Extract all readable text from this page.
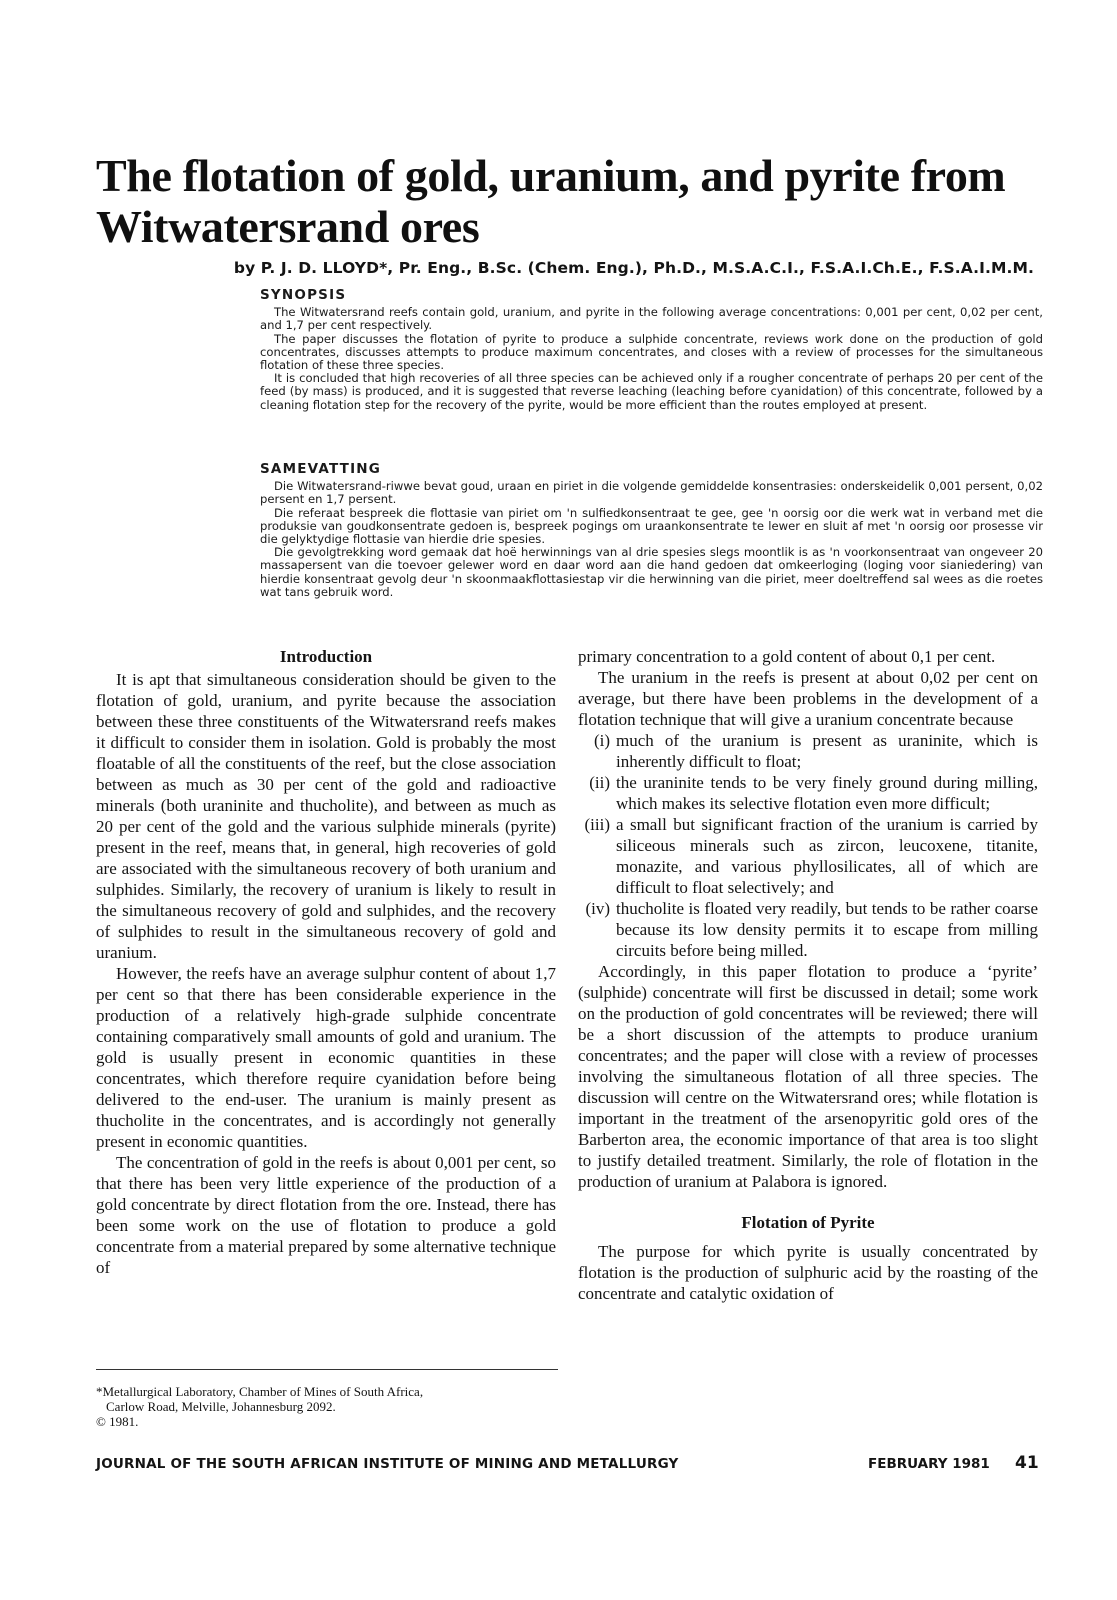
The flotation of gold, uranium, and pyrite from Witwatersrand ores
by P. J. D. LLOYD*, Pr. Eng., B.Sc. (Chem. Eng.), Ph.D., M.S.A.C.I., F.S.A.I.Ch.E., F.S.A.I.M.M.
SYNOPSIS

The Witwatersrand reefs contain gold, uranium, and pyrite in the following average concentrations: 0,001 per cent, 0,02 per cent, and 1,7 per cent respectively.

The paper discusses the flotation of pyrite to produce a sulphide concentrate, reviews work done on the production of gold concentrates, discusses attempts to produce maximum concentrates, and closes with a review of processes for the simultaneous flotation of these three species.

It is concluded that high recoveries of all three species can be achieved only if a rougher concentrate of perhaps 20 per cent of the feed (by mass) is produced, and it is suggested that reverse leaching (leaching before cyanidation) of this concentrate, followed by a cleaning flotation step for the recovery of the pyrite, would be more efficient than the routes employed at present.

SAMEVATTING

Die Witwatersrand-riwwe bevat goud, uraan en piriet in die volgende gemiddelde konsentrasies: onderskeidelik 0,001 persent, 0,02 persent en 1,7 persent.

Die referaat bespreek die flottasie van piriet om 'n sulfiedkonsentraat te gee, gee 'n oorsig oor die werk wat in verband met die produksie van goudkonsentrate gedoen is, bespreek pogings om uraankonsentrate te lewer en sluit af met 'n oorsig oor prosesse vir die gelyktydige flottasie van hierdie drie spesies.

Die gevolgtrekking word gemaak dat hoë herwinnings van al drie spesies slegs moontlik is as 'n voorkonsentraat van ongeveer 20 massapersent van die toevoer gelewer word en daar word aan die hand gedoen dat omkeerloging (loging voor sianiedering) van hierdie konsentraat gevolg deur 'n skoonmaakflottasiestap vir die herwinning van die piriet, meer doeltreffend sal wees as die roetes wat tans gebruik word.

Introduction

It is apt that simultaneous consideration should be given to the flotation of gold, uranium, and pyrite because the association between these three constituents of the Witwatersrand reefs makes it difficult to consider them in isolation. Gold is probably the most floatable of all the constituents of the reef, but the close association between as much as 30 per cent of the gold and radioactive minerals (both uraninite and thucholite), and between as much as 20 per cent of the gold and the various sulphide minerals (pyrite) present in the reef, means that, in general, high recoveries of gold are associated with the simultaneous recovery of both uranium and sulphides. Similarly, the recovery of uranium is likely to result in the simultaneous recovery of gold and sulphides, and the recovery of sulphides to result in the simultaneous recovery of gold and uranium.

However, the reefs have an average sulphur content of about 1,7 per cent so that there has been considerable experience in the production of a relatively high-grade sulphide concentrate containing comparatively small amounts of gold and uranium. The gold is usually present in economic quantities in these concentrates, which therefore require cyanidation before being delivered to the end-user. The uranium is mainly present as thucholite in the concentrates, and is accordingly not generally present in economic quantities.

The concentration of gold in the reefs is about 0,001 per cent, so that there has been very little experience of the production of a gold concentrate by direct flotation from the ore. Instead, there has been some work on the use of flotation to produce a gold concentrate from a material prepared by some alternative technique of

primary concentration to a gold content of about 0,1 per cent.

The uranium in the reefs is present at about 0,02 per cent on average, but there have been problems in the development of a flotation technique that will give a uranium concentrate because

(i) much of the uranium is present as uraninite, which is inherently difficult to float;
(ii) the uraninite tends to be very finely ground during milling, which makes its selective flotation even more difficult;
(iii) a small but significant fraction of the uranium is carried by siliceous minerals such as zircon, leucoxene, titanite, monazite, and various phyllosilicates, all of which are difficult to float selectively; and
(iv) thucholite is floated very readily, but tends to be rather coarse because its low density permits it to escape from milling circuits before being milled.

Accordingly, in this paper flotation to produce a ‘pyrite’ (sulphide) concentrate will first be discussed in detail; some work on the production of gold concentrates will be reviewed; there will be a short discussion of the attempts to produce uranium concentrates; and the paper will close with a review of processes involving the simultaneous flotation of all three species. The discussion will centre on the Witwatersrand ores; while flotation is important in the treatment of the arsenopyritic gold ores of the Barberton area, the economic importance of that area is too slight to justify detailed treatment. Similarly, the role of flotation in the production of uranium at Palabora is ignored.

Flotation of Pyrite

The purpose for which pyrite is usually concentrated by flotation is the production of sulphuric acid by the roasting of the concentrate and catalytic oxidation of

*Metallurgical Laboratory, Chamber of Mines of South Africa,
Carlow Road, Melville, Johannesburg 2092.
© 1981.
JOURNAL OF THE SOUTH AFRICAN INSTITUTE OF MINING AND METALLURGY	FEBRUARY 1981 41
